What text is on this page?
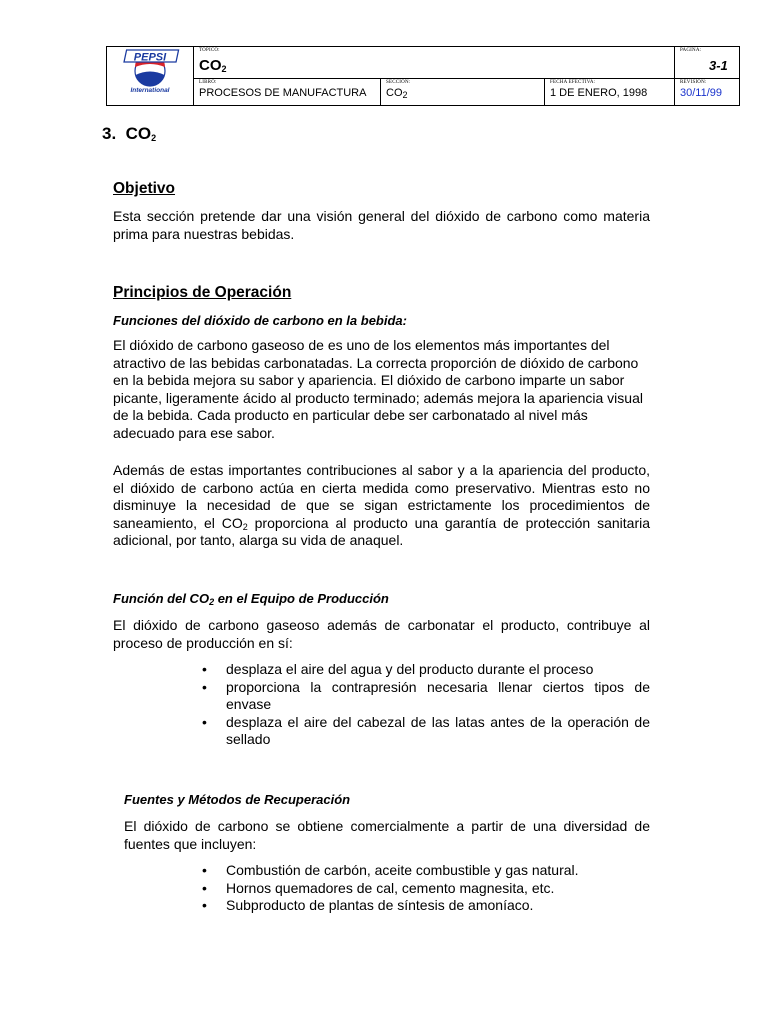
PEPSI
International
TOPICO:
$CO_2$
PAGINA:
3-1
LIBRO:
PROCESOS DE MANUFACTURA
SECCION:
$CO_2$
FECHA EFECTIVA:
1 DE ENERO, 1998
REVISION:
30/11/99
3. $CO_2$
Objetivo

Esta sección pretende dar una visión general del dióxido de carbono como materia prima para nuestras bebidas.

Principios de Operación
Funciones del dióxido de carbono en la bebida:

El dióxido de carbono gaseoso de es uno de los elementos más importantes del atractivo de las bebidas carbonatadas. La correcta proporción de dióxido de carbono en la bebida mejora su sabor y apariencia. El dióxido de carbono imparte un sabor picante, ligeramente ácido al producto terminado; además mejora la apariencia visual de la bebida. Cada producto en particular debe ser carbonatado al nivel más adecuado para ese sabor.

Además de estas importantes contribuciones al sabor y a la apariencia del producto, el dióxido de carbono actúa en cierta medida como preservativo. Mientras esto no disminuye la necesidad de que se sigan estrictamente los procedimientos de saneamiento, el $CO_2$ proporciona al producto una garantía de protección sanitaria adicional, por tanto, alarga su vida de anaquel.

Función del $CO_2$ en el Equipo de Producción

El dióxido de carbono gaseoso además de carbonatar el producto, contribuye al proceso de producción en sí:

• desplaza el aire del agua y del producto durante el proceso
• proporciona la contrapresión necesaria llenar ciertos tipos de envase
• desplaza el aire del cabezal de las latas antes de la operación de sellado
Fuentes y Métodos de Recuperación

El dióxido de carbono se obtiene comercialmente a partir de una diversidad de fuentes que incluyen:

• Combustión de carbón, aceite combustible y gas natural.
• Hornos quemadores de cal, cemento magnesita, etc.
• Subproducto de plantas de síntesis de amoníaco.
